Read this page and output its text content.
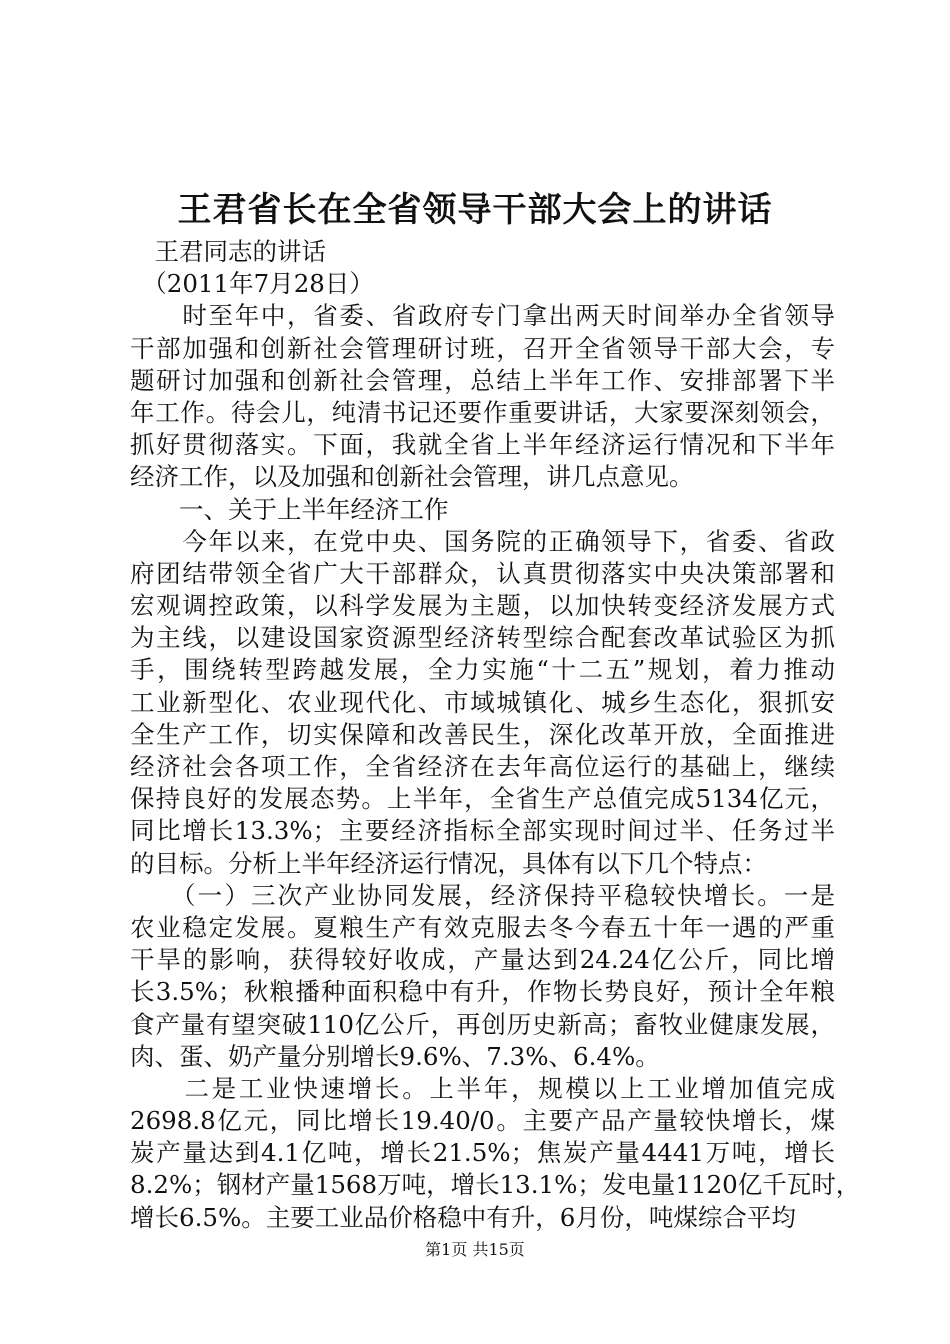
王君省长在全省领导干部大会上的讲话
　王君同志的讲话
　（2011年7月28日）
　　时至年中，省委、省政府专门拿出两天时间举办全省领导
干部加强和创新社会管理研讨班，召开全省领导干部大会，专
题研讨加强和创新社会管理，总结上半年工作、安排部署下半
年工作。待会儿，纯清书记还要作重要讲话，大家要深刻领会，
抓好贯彻落实。下面，我就全省上半年经济运行情况和下半年
经济工作，以及加强和创新社会管理，讲几点意见。
　　一、关于上半年经济工作
　　今年以来，在党中央、国务院的正确领导下，省委、省政
府团结带领全省广大干部群众，认真贯彻落实中央决策部署和
宏观调控政策，以科学发展为主题，以加快转变经济发展方式
为主线，以建设国家资源型经济转型综合配套改革试验区为抓
手，围绕转型跨越发展，全力实施“十二五”规划，着力推动
工业新型化、农业现代化、市域城镇化、城乡生态化，狠抓安
全生产工作，切实保障和改善民生，深化改革开放，全面推进
经济社会各项工作，全省经济在去年高位运行的基础上，继续
保持良好的发展态势。上半年，全省生产总值完成5134亿元，
同比增长13.3%；主要经济指标全部实现时间过半、任务过半
的目标。分析上半年经济运行情况，具体有以下几个特点：
　　（一）三次产业协同发展，经济保持平稳较快增长。一是
农业稳定发展。夏粮生产有效克服去冬今春五十年一遇的严重
干旱的影响，获得较好收成，产量达到24.24亿公斤，同比增
长3.5%；秋粮播种面积稳中有升，作物长势良好，预计全年粮
食产量有望突破110亿公斤，再创历史新高；畜牧业健康发展，
肉、蛋、奶产量分别增长9.6%、7.3%、6.4%。
　　二是工业快速增长。上半年，规模以上工业增加值完成
2698.8亿元，同比增长19.40/0。主要产品产量较快增长，煤
炭产量达到4.1亿吨，增长21.5%；焦炭产量4441万吨，增长
8.2%；钢材产量1568万吨，增长13.1%；发电量1120亿千瓦时，
增长6.5%。主要工业品价格稳中有升，6月份，吨煤综合平均
第1页 共15页
